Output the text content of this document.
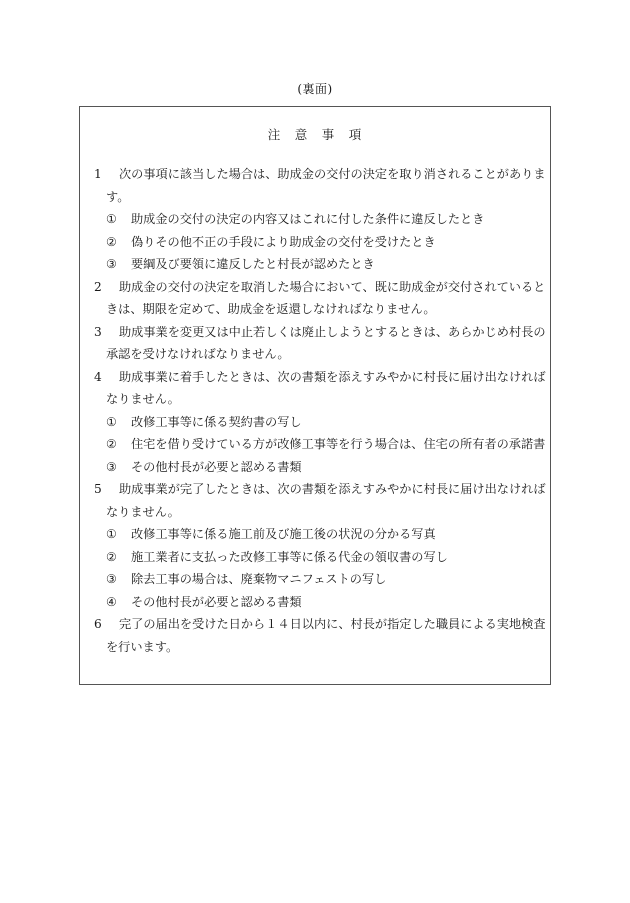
(裏面)
注　意　事　項
1 次の事項に該当した場合は、助成金の交付の決定を取り消されることがあります。
① 助成金の交付の決定の内容又はこれに付した条件に違反したとき
② 偽りその他不正の手段により助成金の交付を受けたとき
③ 要綱及び要領に違反したと村長が認めたとき
2 助成金の交付の決定を取消した場合において、既に助成金が交付されているときは、期限を定めて、助成金を返還しなければなりません。
3 助成事業を変更又は中止若しくは廃止しようとするときは、あらかじめ村長の承認を受けなければなりません。
4 助成事業に着手したときは、次の書類を添えすみやかに村長に届け出なければなりません。
① 改修工事等に係る契約書の写し
② 住宅を借り受けている方が改修工事等を行う場合は、住宅の所有者の承諾書
③ その他村長が必要と認める書類
5 助成事業が完了したときは、次の書類を添えすみやかに村長に届け出なければなりません。
① 改修工事等に係る施工前及び施工後の状況の分かる写真
② 施工業者に支払った改修工事等に係る代金の領収書の写し
③ 除去工事の場合は、廃棄物マニフェストの写し
④ その他村長が必要と認める書類
6 完了の届出を受けた日から１４日以内に、村長が指定した職員による実地検査を行います。
